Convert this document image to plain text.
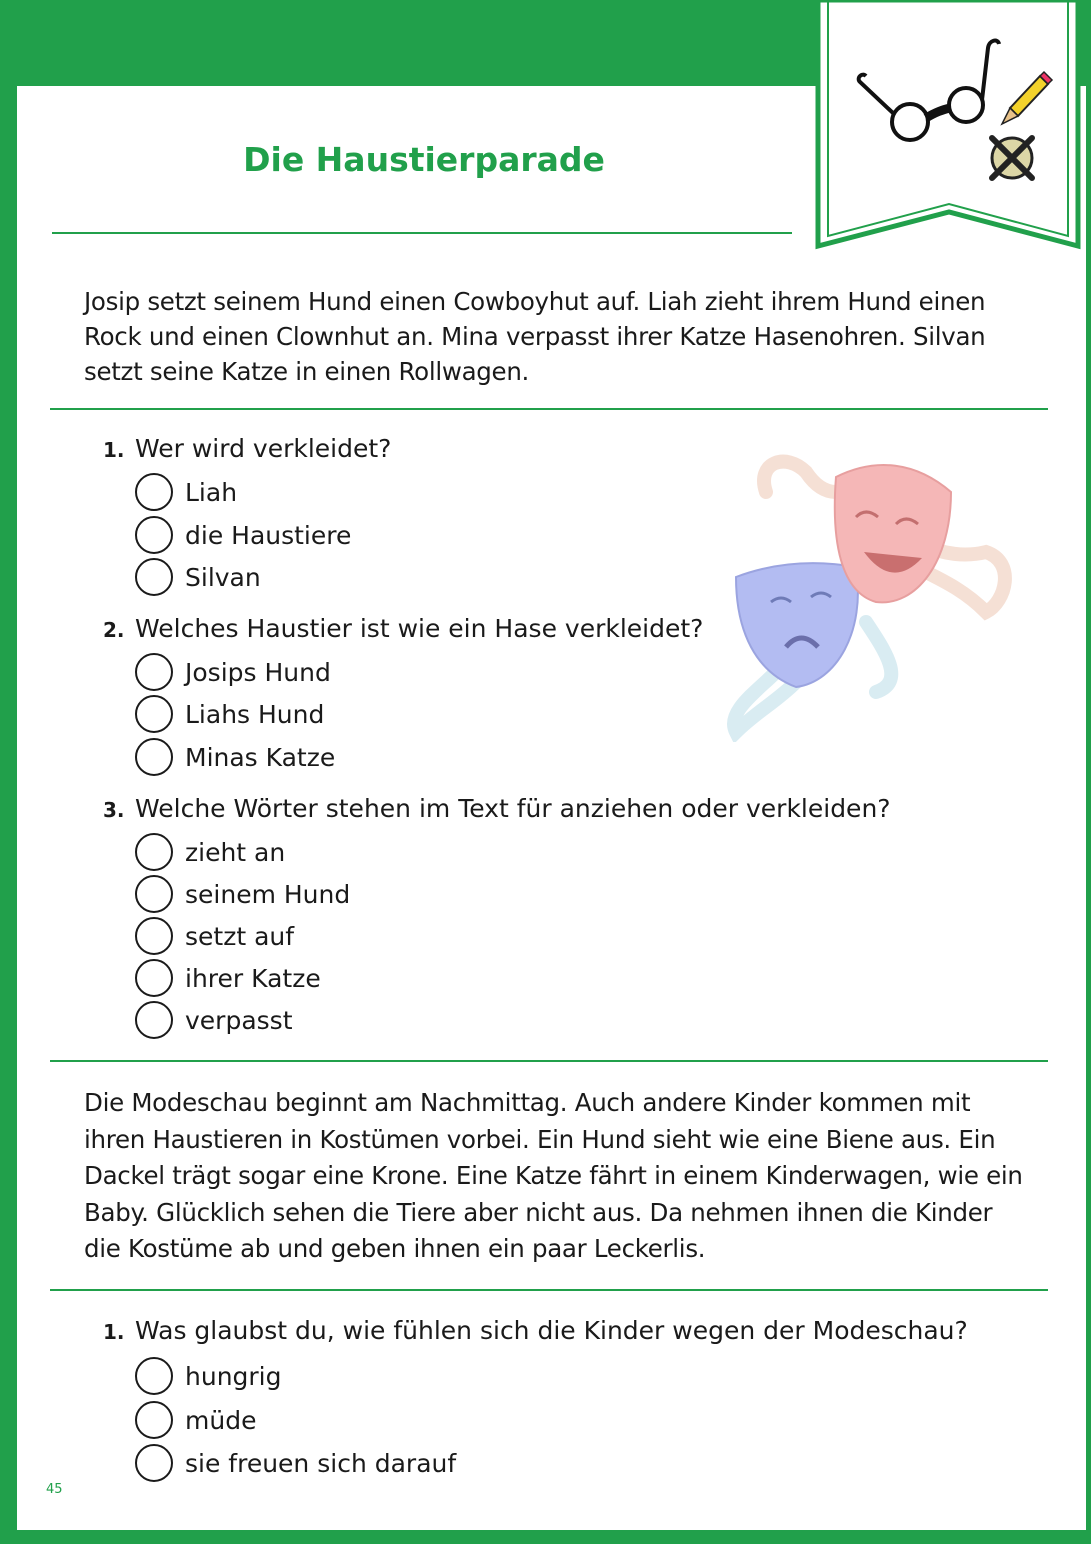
Die Haustierparade

Josip setzt seinem Hund einen Cowboyhut auf. Liah zieht ihrem Hund einen Rock und einen Clownhut an. Mina verpasst ihrer Katze Hasenohren. Silvan setzt seine Katze in einen Rollwagen.

1. Wer wird verkleidet?
Liah
die Haustiere
Silvan
2. Welches Haustier ist wie ein Hase verkleidet?
Josips Hund
Liahs Hund
Minas Katze
3. Welche Wörter stehen im Text für anziehen oder verkleiden?
zieht an
seinem Hund
setzt auf
ihrer Katze
verpasst

Die Modeschau beginnt am Nachmittag. Auch andere Kinder kommen mit ihren Haustieren in Kostümen vorbei. Ein Hund sieht wie eine Biene aus. Ein Dackel trägt sogar eine Krone. Eine Katze fährt in einem Kinderwagen, wie ein Baby. Glücklich sehen die Tiere aber nicht aus. Da nehmen ihnen die Kinder die Kostüme ab und geben ihnen ein paar Leckerlis.

1. Was glaubst du, wie fühlen sich die Kinder wegen der Modeschau?
hungrig
müde
sie freuen sich darauf
45
